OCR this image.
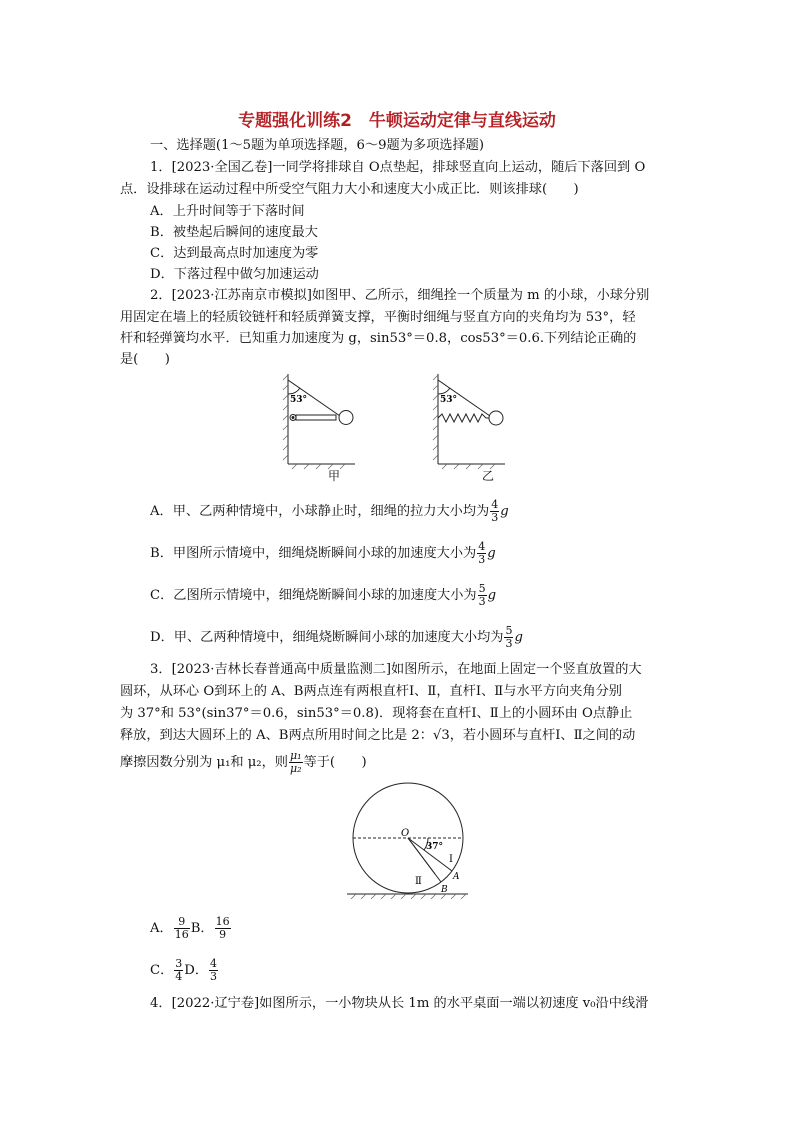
专题强化训练2　牛顿运动定律与直线运动
一、选择题(1～5题为单项选择题，6～9题为多项选择题)
1．[2023·全国乙卷]一同学将排球自 O点垫起，排球竖直向上运动，随后下落回到 O
点．设排球在运动过程中所受空气阻力大小和速度大小成正比．则该排球(　　)
A．上升时间等于下落时间
B．被垫起后瞬间的速度最大
C．达到最高点时加速度为零
D．下落过程中做匀加速运动
2．[2023·江苏南京市模拟]如图甲、乙所示，细绳拴一个质量为 m 的小球，小球分别
用固定在墙上的轻质铰链杆和轻质弹簧支撑，平衡时细绳与竖直方向的夹角均为 53°，轻
杆和轻弹簧均水平．已知重力加速度为 g，sin53°＝0.8，cos53°＝0.6.下列结论正确的
是(　　)
53°
甲
53°
乙
A．甲、乙两种情境中，小球静止时，细绳的拉力大小均为 $\frac{4}{3}$ g
B．甲图所示情境中，细绳烧断瞬间小球的加速度大小为 $\frac{4}{3}$ g
C．乙图所示情境中，细绳烧断瞬间小球的加速度大小为 $\frac{5}{3}$ g
D．甲、乙两种情境中，细绳烧断瞬间小球的加速度大小均为 $\frac{5}{3}$ g
3．[2023·吉林长春普通高中质量监测二]如图所示，在地面上固定一个竖直放置的大
圆环，从环心 O到环上的 A、B两点连有两根直杆Ⅰ、Ⅱ，直杆Ⅰ、Ⅱ与水平方向夹角分别
为 37°和 53°(sin37°＝0.6，sin53°＝0.8)．现将套在直杆Ⅰ、Ⅱ上的小圆环由 O点静止
释放，到达大圆环上的 A、B两点所用时间之比是 2：√3，若小圆环与直杆Ⅰ、Ⅱ之间的动
摩擦因数分别为 μ₁和 μ₂，则 $\frac{\text{μ₁}}{\text{μ₂}}$ 等于(　　)
O
37°
Ⅰ
A
B
Ⅱ
A． $\frac{9}{16}$ B． $\frac{16}{9}$
C． $\frac{3}{4}$ D． $\frac{4}{3}$
4．[2022·辽宁卷]如图所示，一小物块从长 1m 的水平桌面一端以初速度 v₀沿中线滑
